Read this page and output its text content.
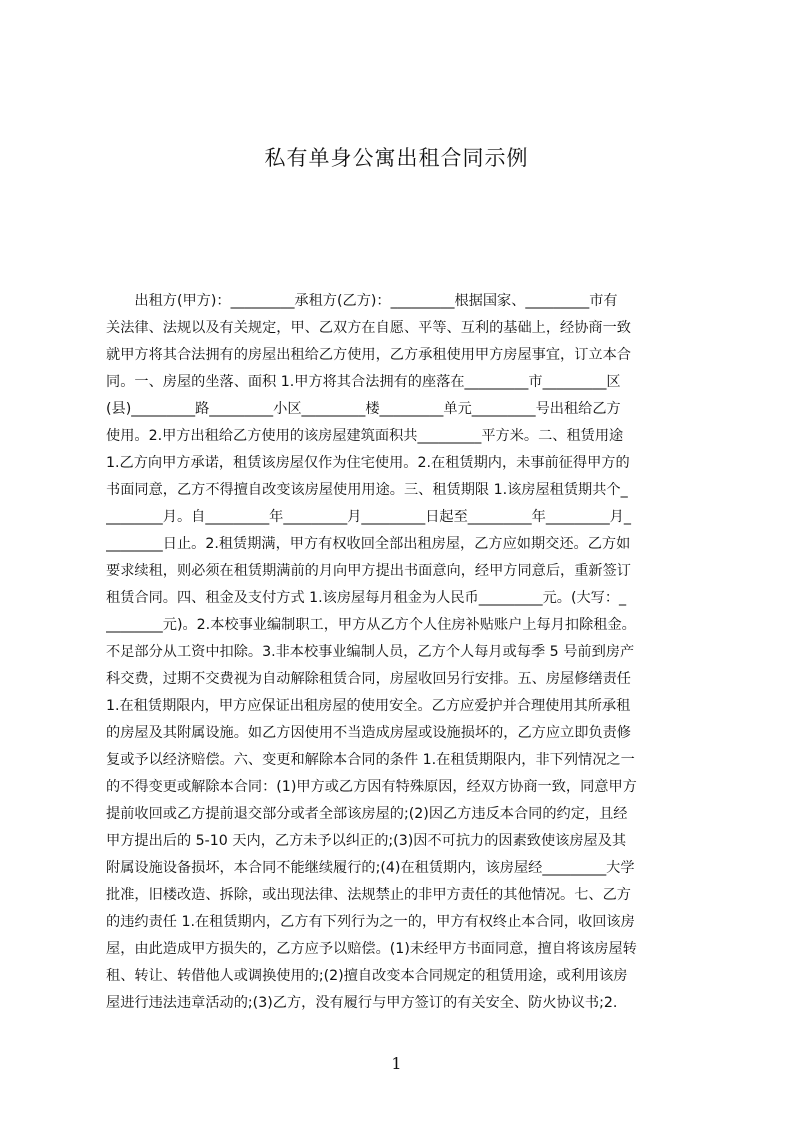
私有单身公寓出租合同示例
　　出租方(甲方)：_________承租方(乙方)：_________根据国家、_________市有
关法律、法规以及有关规定，甲、乙双方在自愿、平等、互利的基础上，经协商一致
就甲方将其合法拥有的房屋出租给乙方使用，乙方承租使用甲方房屋事宜，订立本合
同。一、房屋的坐落、面积 1.甲方将其合法拥有的座落在_________市_________区
(县)_________路_________小区_________楼_________单元_________号出租给乙方
使用。2.甲方出租给乙方使用的该房屋建筑面积共_________平方米。二、租赁用途
1.乙方向甲方承诺，租赁该房屋仅作为住宅使用。2.在租赁期内，未事前征得甲方的
书面同意，乙方不得擅自改变该房屋使用用途。三、租赁期限 1.该房屋租赁期共个_
________月。自_________年_________月_________日起至_________年_________月_
________日止。2.租赁期满，甲方有权收回全部出租房屋，乙方应如期交还。乙方如
要求续租，则必须在租赁期满前的月向甲方提出书面意向，经甲方同意后，重新签订
租赁合同。四、租金及支付方式 1.该房屋每月租金为人民币_________元。(大写：_
________元)。2.本校事业编制职工，甲方从乙方个人住房补贴账户上每月扣除租金。
不足部分从工资中扣除。3.非本校事业编制人员，乙方个人每月或每季 5 号前到房产
科交费，过期不交费视为自动解除租赁合同，房屋收回另行安排。五、房屋修缮责任
1.在租赁期限内，甲方应保证出租房屋的使用安全。乙方应爱护并合理使用其所承租
的房屋及其附属设施。如乙方因使用不当造成房屋或设施损坏的，乙方应立即负责修
复或予以经济赔偿。六、变更和解除本合同的条件 1.在租赁期限内，非下列情况之一
的不得变更或解除本合同：(1)甲方或乙方因有特殊原因，经双方协商一致，同意甲方
提前收回或乙方提前退交部分或者全部该房屋的;(2)因乙方违反本合同的约定，且经
甲方提出后的 5-10 天内，乙方未予以纠正的;(3)因不可抗力的因素致使该房屋及其
附属设施设备损坏，本合同不能继续履行的;(4)在租赁期内，该房屋经_________大学
批准，旧楼改造、拆除，或出现法律、法规禁止的非甲方责任的其他情况。七、乙方
的违约责任 1.在租赁期内，乙方有下列行为之一的，甲方有权终止本合同，收回该房
屋，由此造成甲方损失的，乙方应予以赔偿。(1)未经甲方书面同意，擅自将该房屋转
租、转让、转借他人或调换使用的;(2)擅自改变本合同规定的租赁用途，或利用该房
屋进行违法违章活动的;(3)乙方，没有履行与甲方签订的有关安全、防火协议书;2.
1
